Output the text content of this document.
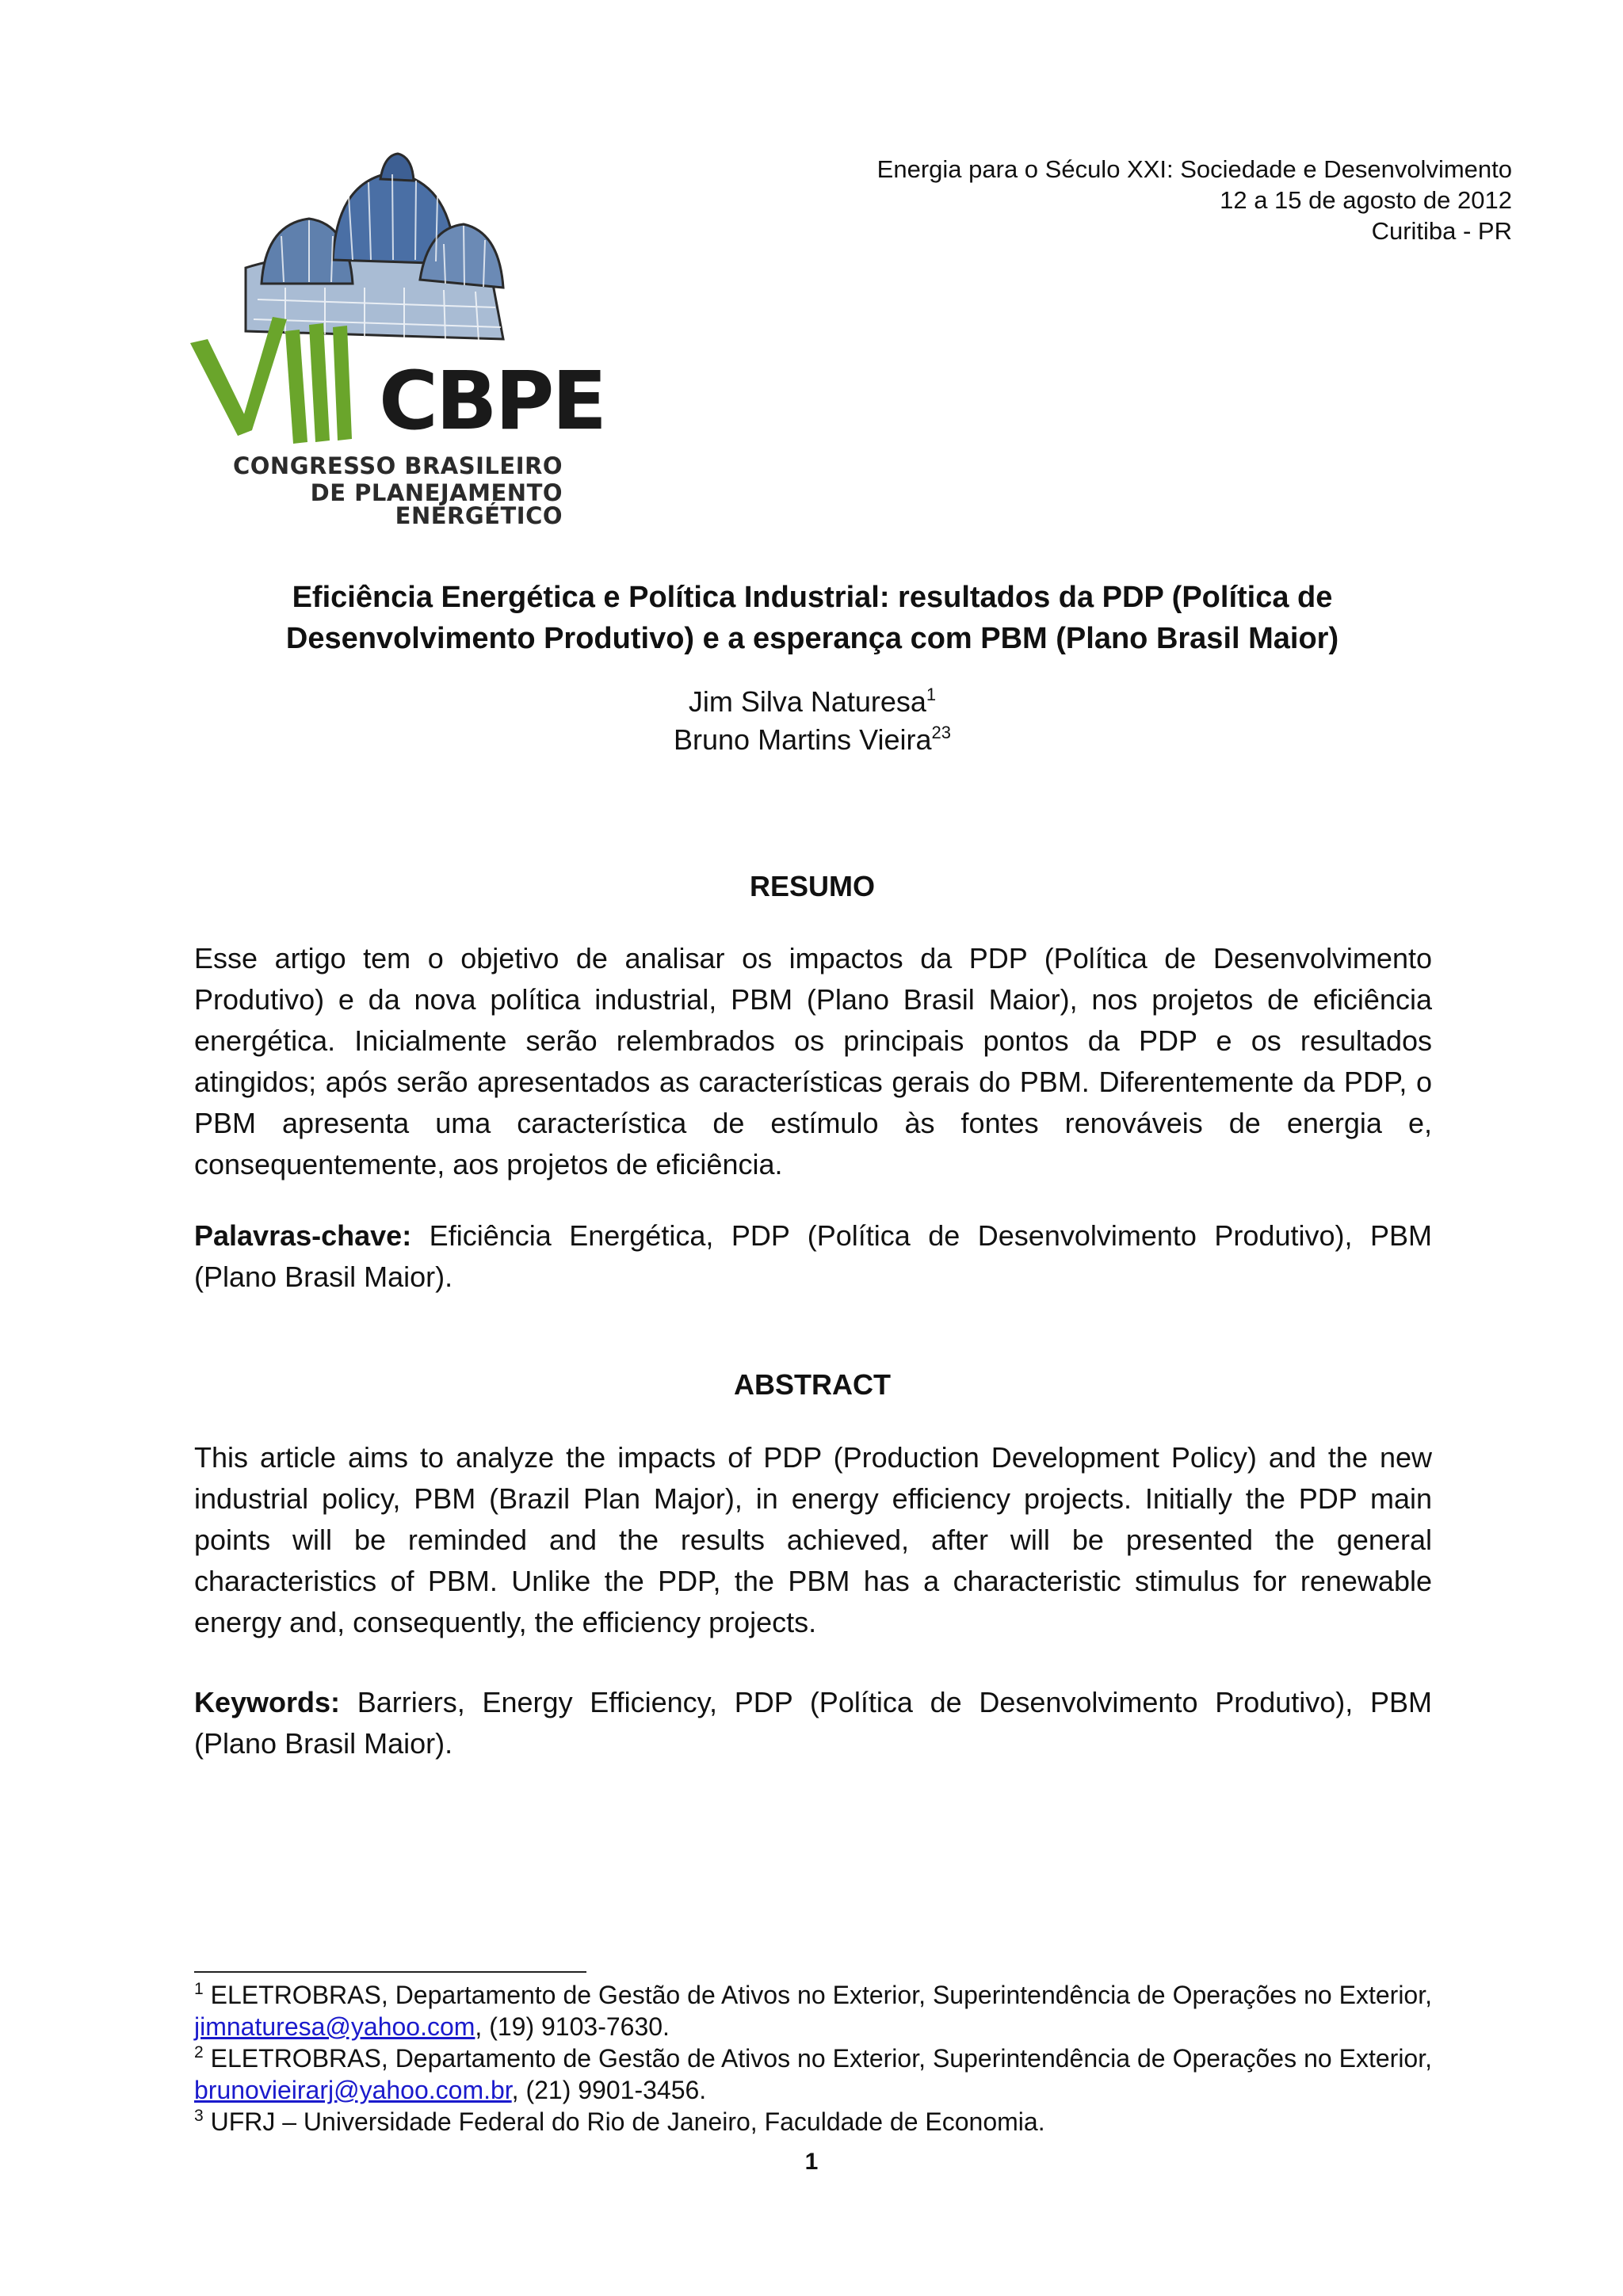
Energia para o Século XXI: Sociedade e Desenvolvimento
12 a 15 de agosto de 2012
Curitiba - PR
CBPE
CONGRESSO BRASILEIRO
DE PLANEJAMENTO ENERGÉTICO
Eficiência Energética e Política Industrial: resultados da PDP (Política de
Desenvolvimento Produtivo) e a esperança com PBM (Plano Brasil Maior)
Jim Silva Naturesa$^1$
Bruno Martins Vieira$^{23}$
RESUMO
Esse artigo tem o objetivo de analisar os impactos da PDP (Política de Desenvolvimento Produtivo) e da nova política industrial, PBM (Plano Brasil Maior), nos projetos de eficiência energética. Inicialmente serão relembrados os principais pontos da PDP e os resultados atingidos; após serão apresentados as características gerais do PBM. Diferentemente da PDP, o PBM apresenta uma característica de estímulo às fontes renováveis de energia e, consequentemente, aos projetos de eficiência.
Palavras-chave: Eficiência Energética, PDP (Política de Desenvolvimento Produtivo), PBM (Plano Brasil Maior).
ABSTRACT
This article aims to analyze the impacts of PDP (Production Development Policy) and the new industrial policy, PBM (Brazil Plan Major), in energy efficiency projects. Initially the PDP main points will be reminded and the results achieved, after will be presented the general characteristics of PBM. Unlike the PDP, the PBM has a characteristic stimulus for renewable energy and, consequently, the efficiency projects.
Keywords: Barriers, Energy Efficiency, PDP (Política de Desenvolvimento Produtivo), PBM (Plano Brasil Maior).
$^1$ ELETROBRAS, Departamento de Gestão de Ativos no Exterior, Superintendência de Operações no Exterior, jimnaturesa@yahoo.com, (19) 9103-7630.
$^2$ ELETROBRAS, Departamento de Gestão de Ativos no Exterior, Superintendência de Operações no Exterior, brunovieirarj@yahoo.com.br, (21) 9901-3456.
$^3$ UFRJ – Universidade Federal do Rio de Janeiro, Faculdade de Economia.
1
